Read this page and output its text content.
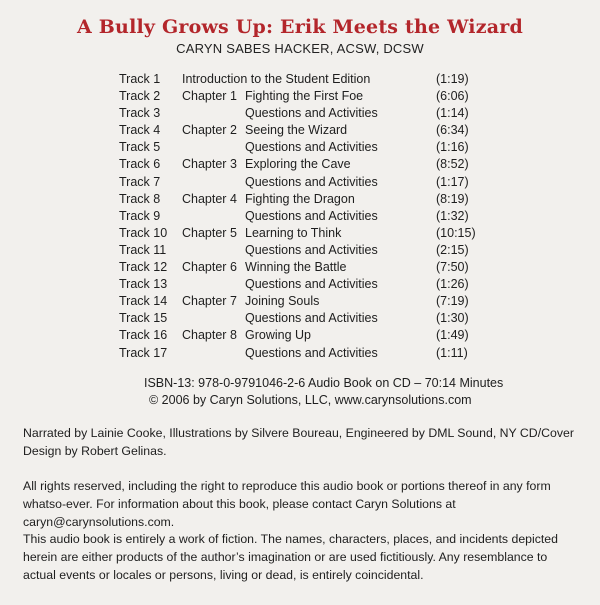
A Bully Grows Up: Erik Meets the Wizard
CARYN SABES HACKER, ACSW, DCSW
Track 1 Introduction to the Student Edition	(1:19)
Track 2 Chapter 1 Fighting the First Foe	(6:06)
Track 3	Questions and Activities	(1:14)
Track 4 Chapter 2 Seeing the Wizard	(6:34)
Track 5	Questions and Activities	(1:16)
Track 6 Chapter 3 Exploring the Cave	(8:52)
Track 7	Questions and Activities	(1:17)
Track 8 Chapter 4 Fighting the Dragon	(8:19)
Track 9	Questions and Activities	(1:32)
Track 10 Chapter 5 Learning to Think	(10:15)
Track 11	Questions and Activities	(2:15)
Track 12 Chapter 6 Winning the Battle	(7:50)
Track 13	Questions and Activities	(1:26)
Track 14 Chapter 7 Joining Souls	(7:19)
Track 15	Questions and Activities	(1:30)
Track 16 Chapter 8 Growing Up	(1:49)
Track 17	Questions and Activities	(1:11)
ISBN-13: 978-0-9791046-2-6 Audio Book on CD – 70:14 Minutes
© 2006 by Caryn Solutions, LLC, www.carynsolutions.com
Narrated by Lainie Cooke, Illustrations by Silvere Boureau, Engineered by DML Sound, NY CD/Cover Design by Robert Gelinas.
All rights reserved, including the right to reproduce this audio book or portions thereof in any form whatso-ever. For information about this book, please contact Caryn Solutions at caryn@carynsolutions.com.
This audio book is entirely a work of fiction. The names, characters, places, and incidents depicted herein are either products of the author’s imagination or are used fictitiously. Any resemblance to actual events or locales or persons, living or dead, is entirely coincidental.
